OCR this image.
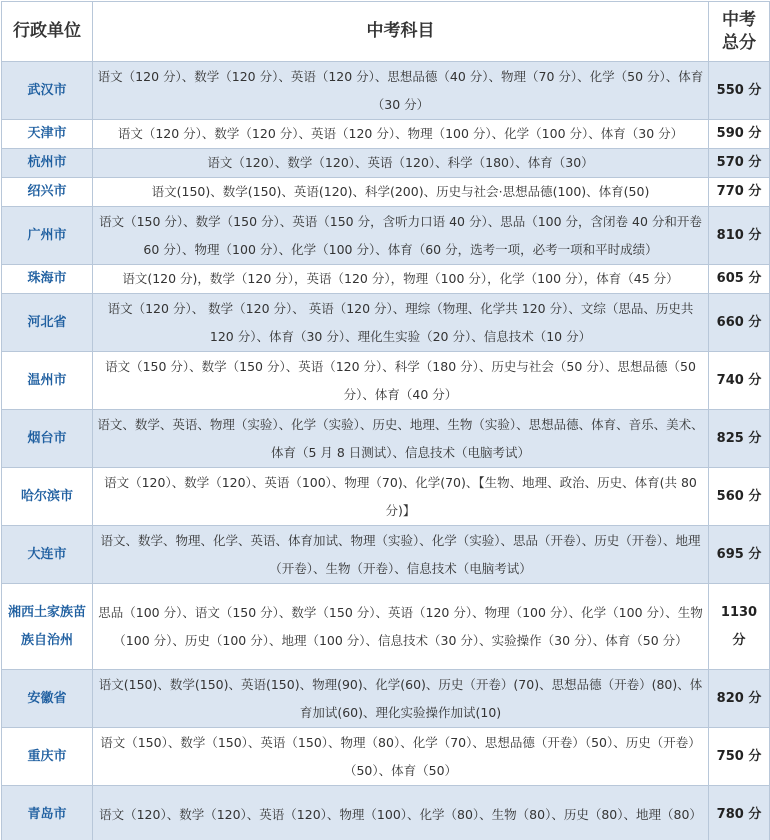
行政单位	中考科目	中考
总分
武汉市	语文（120 分）、数学（120 分）、英语（120 分）、思想品德（40 分）、物理（70 分）、化学（50 分）、体育（30 分）	550 分
天津市	语文（120 分）、数学（120 分）、英语（120 分）、物理（100 分）、化学（100 分）、体育（30 分）	590 分
杭州市	语文（120）、数学（120）、英语（120）、科学（180）、体育（30）	570 分
绍兴市	语文(150)、数学(150)、英语(120)、科学(200)、历史与社会·思想品德(100)、体育(50)	770 分
广州市	语文（150 分）、数学（150 分）、英语（150 分，含听力口语 40 分）、思品（100 分，含闭卷 40 分和开卷 60 分）、物理（100 分）、化学（100 分）、体育（60 分，选考一项，必考一项和平时成绩）	810 分
珠海市	语文(120 分)，数学（120 分），英语（120 分），物理（100 分），化学（100 分），体育（45 分）	605 分
河北省	语文（120 分）、 数学（120 分）、 英语（120 分）、理综（物理、化学共 120 分）、文综（思品、历史共 120 分）、体育（30 分）、理化生实验（20 分）、信息技术（10 分）	660 分
温州市	语文（150 分）、数学（150 分）、英语（120 分）、科学（180 分）、历史与社会（50 分）、思想品德（50 分）、体育（40 分）	740 分
烟台市	语文、数学、英语、物理（实验）、化学（实验）、历史、地理、生物（实验）、思想品德、体育、音乐、美术、体育（5 月 8 日测试）、信息技术（电脑考试）	825 分
哈尔滨市	语文（120）、数学（120）、英语（100）、物理（70)、化学(70)、【生物、地理、政治、历史、体育(共 80 分)】	560 分
大连市	语文、数学、物理、化学、英语、体育加试、物理（实验）、化学（实验）、思品（开卷）、历史（开卷）、地理（开卷）、生物（开卷）、信息技术（电脑考试）	695 分
湘西土家族苗族自治州	思品（100 分）、语文（150 分）、数学（150 分）、英语（120 分）、物理（100 分）、化学（100 分）、生物（100 分）、历史（100 分）、地理（100 分）、信息技术（30 分）、实验操作（30 分）、体育（50 分）	1130
分
安徽省	语文(150)、数学(150)、英语(150)、物理(90)、化学(60)、历史（开卷）(70)、思想品德（开卷）(80)、体育加试(60)、理化实验操作加试(10)	820 分
重庆市	语文（150）、数学（150）、英语（150）、物理（80）、化学（70）、思想品德（开卷）（50）、历史（开卷）（50）、体育（50）	750 分
青岛市	语文（120）、数学（120）、英语（120）、物理（100）、化学（80）、生物（80）、历史（80）、地理（80）	780 分
